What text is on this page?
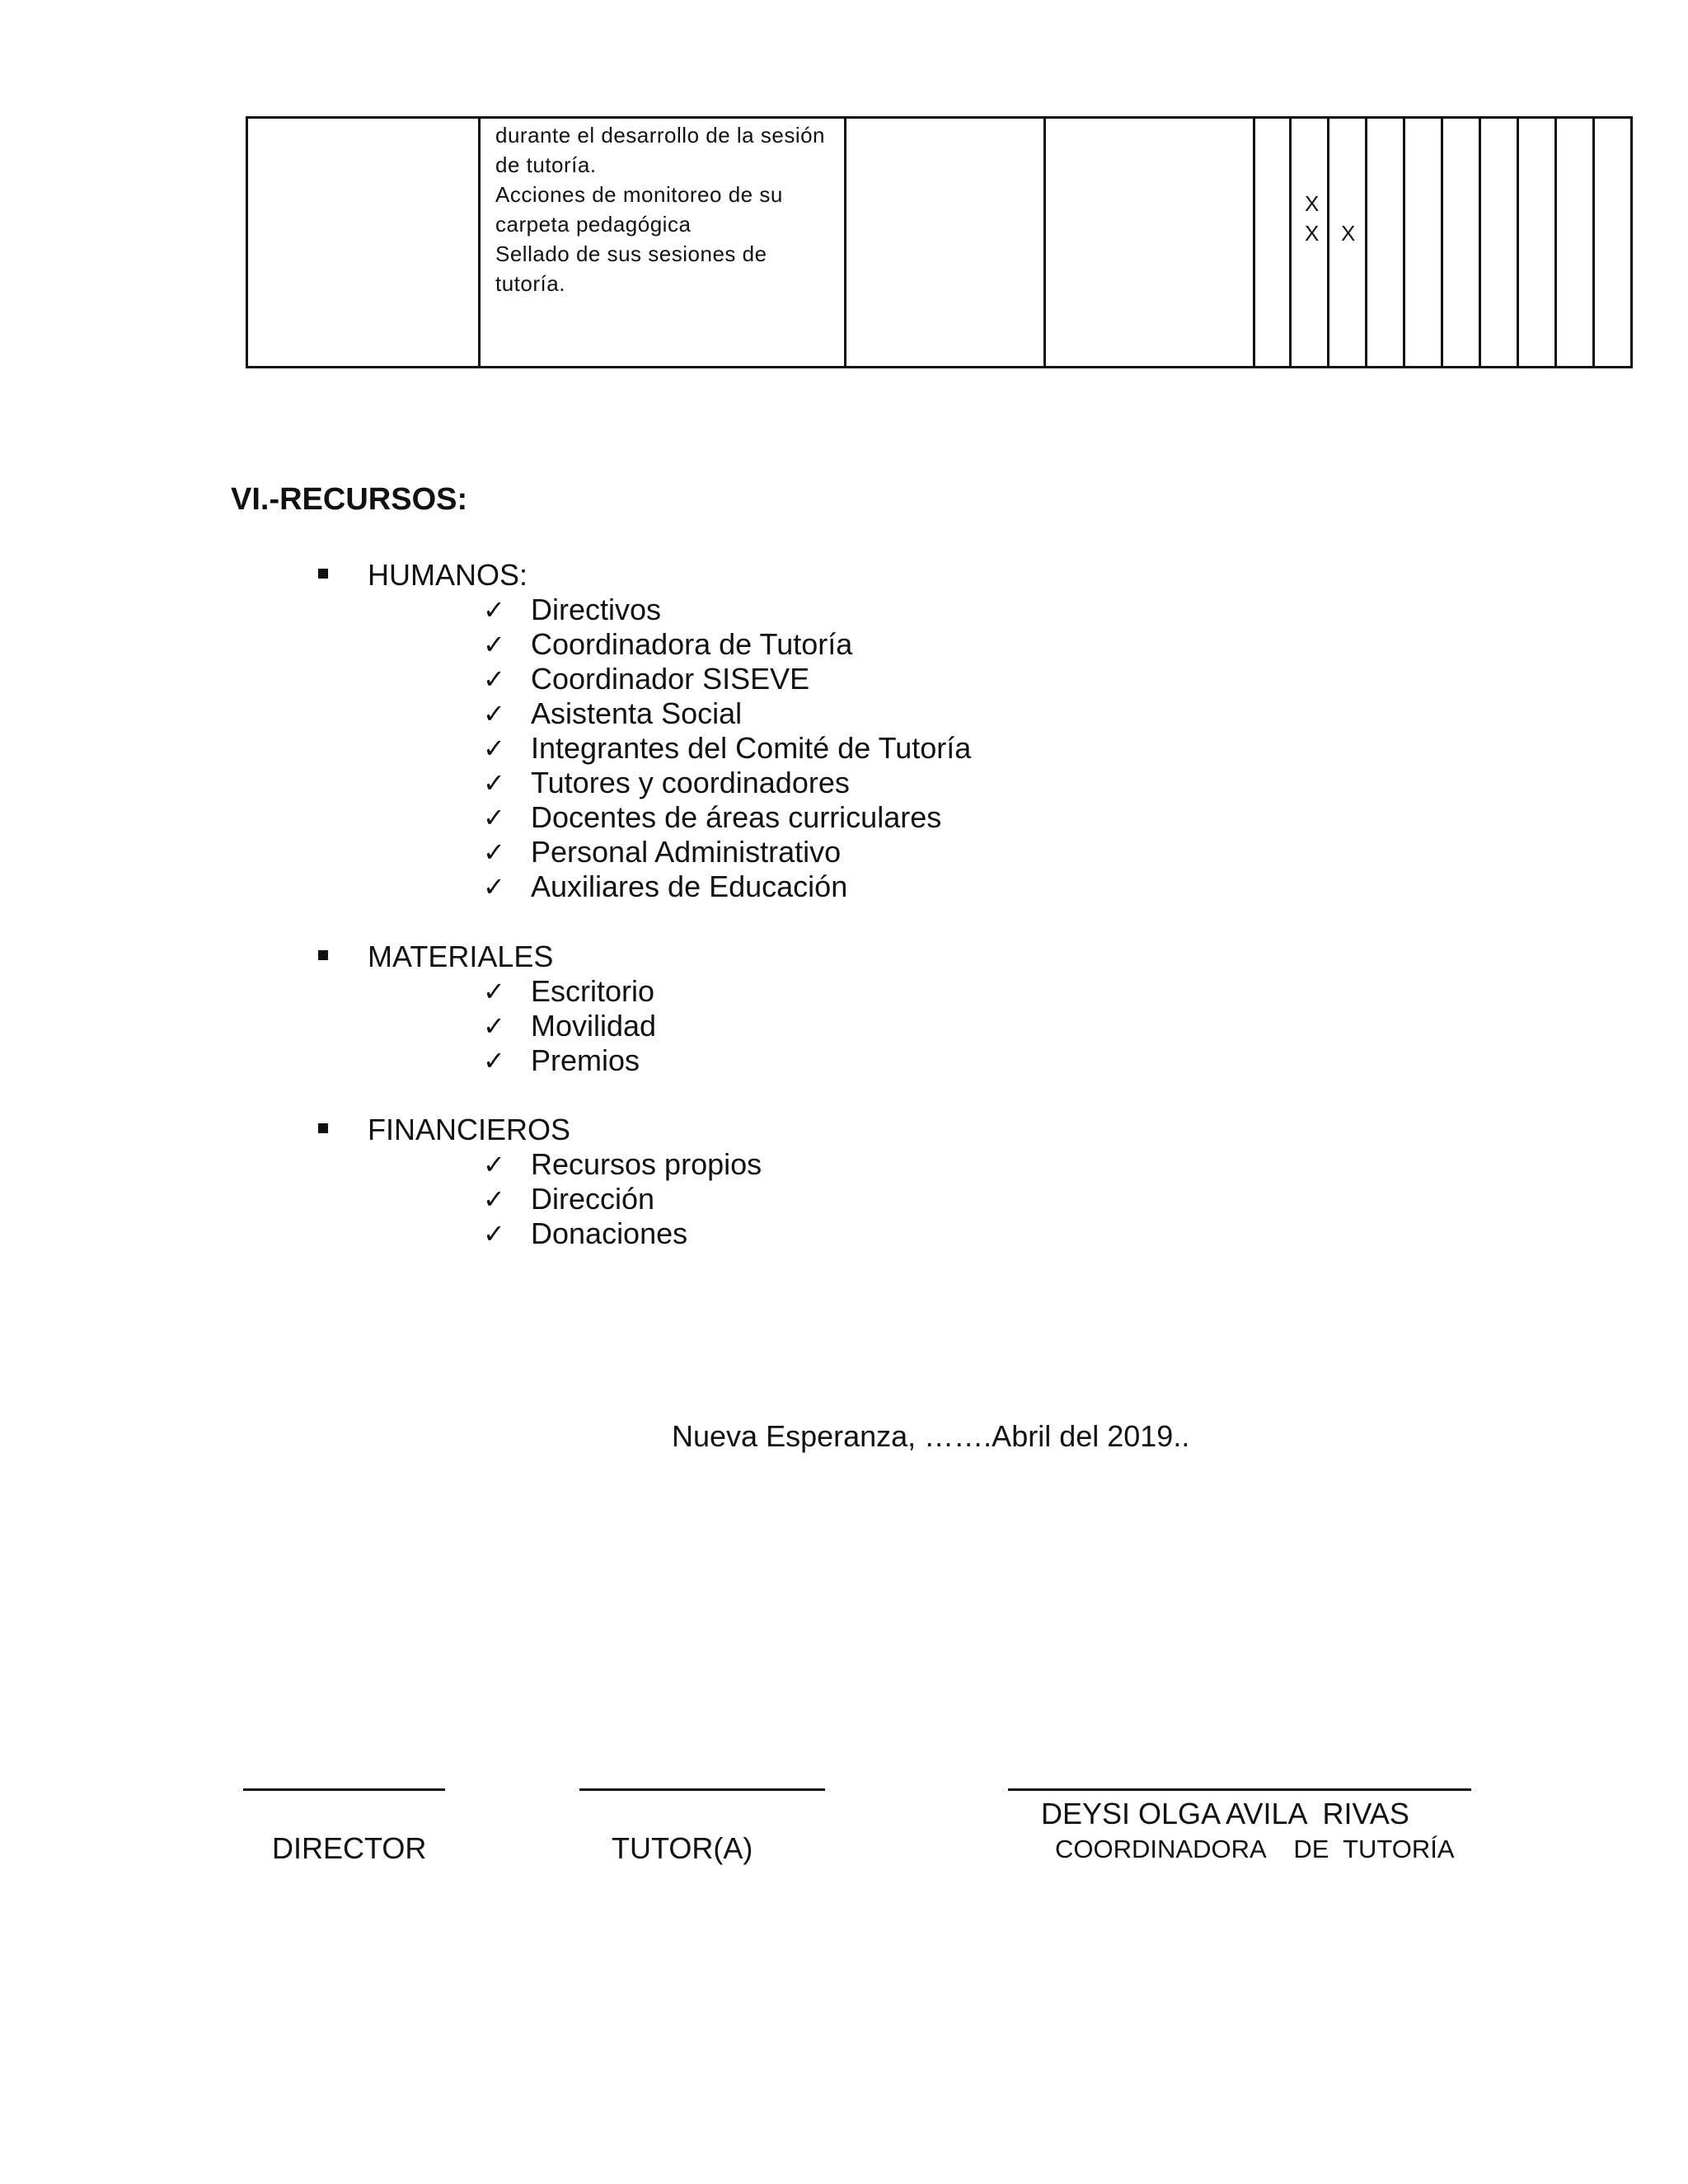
durante el desarrollo de la sesión
de tutoría.
Acciones de monitoreo de su
carpeta pedagógica
Sellado de sus sesiones de
tutoría.
X
X X
VI.-RECURSOS:
HUMANOS:
✓ Directivos
✓ Coordinadora de Tutoría
✓ Coordinador SISEVE
✓ Asistenta Social
✓ Integrantes del Comité de Tutoría
✓ Tutores y coordinadores
✓ Docentes de áreas curriculares
✓ Personal Administrativo
✓ Auxiliares de Educación
MATERIALES
✓ Escritorio
✓ Movilidad
✓ Premios
FINANCIEROS
✓ Recursos propios
✓ Dirección
✓ Donaciones
Nueva Esperanza, …….Abril del 2019..
DIRECTOR	TUTOR(A)
DEYSI OLGA AVILA  RIVAS
COORDINADORA    DE  TUTORÍA
